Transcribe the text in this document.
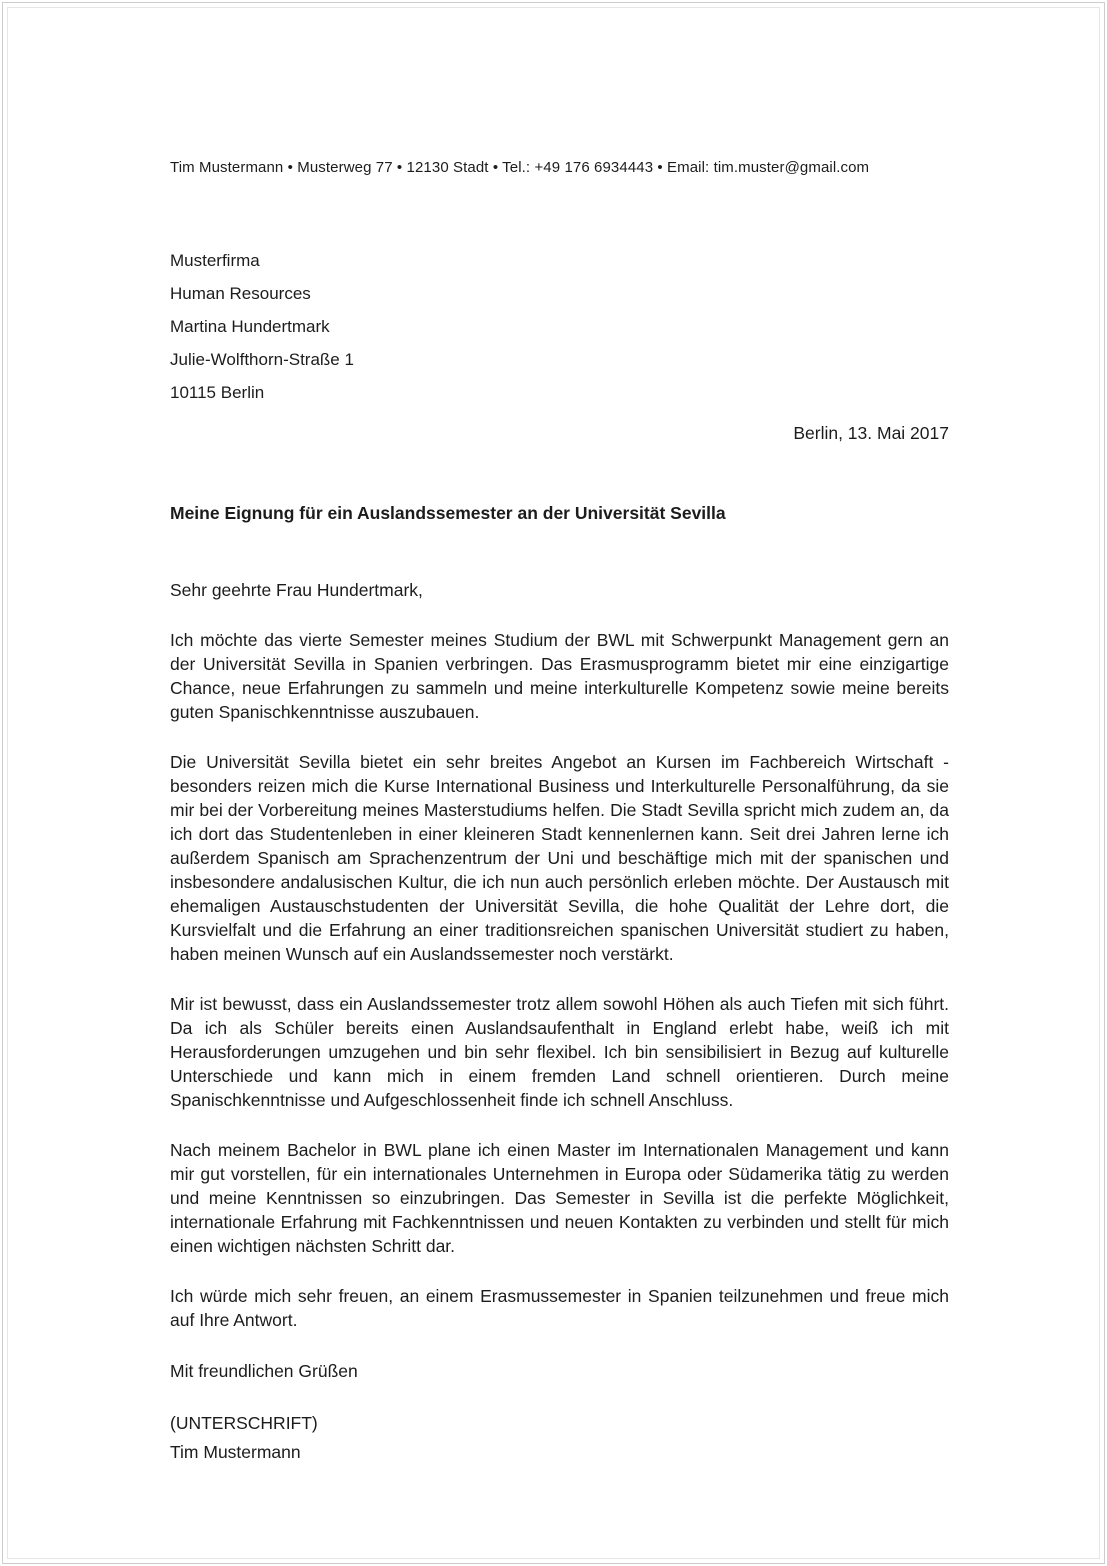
Tim Mustermann • Musterweg 77 • 12130 Stadt • Tel.: +49 176 6934443 • Email: tim.muster@gmail.com
Musterfirma
Human Resources
Martina Hundertmark
Julie-Wolfthorn-Straße 1
10115 Berlin
Berlin, 13. Mai 2017
Meine Eignung für ein Auslandssemester an der Universität Sevilla
Sehr geehrte Frau Hundertmark,

Ich möchte das vierte Semester meines Studium der BWL mit Schwerpunkt Management gern an der Universität Sevilla in Spanien verbringen. Das Erasmusprogramm bietet mir eine einzigartige Chance, neue Erfahrungen zu sammeln und meine interkulturelle Kompetenz sowie meine bereits guten Spanischkenntnisse auszubauen.

Die Universität Sevilla bietet ein sehr breites Angebot an Kursen im Fachbereich Wirtschaft - besonders reizen mich die Kurse International Business und Interkulturelle Personalführung, da sie mir bei der Vorbereitung meines Masterstudiums helfen. Die Stadt Sevilla spricht mich zudem an, da ich dort das Studentenleben in einer kleineren Stadt kennenlernen kann. Seit drei Jahren lerne ich außerdem Spanisch am Sprachenzentrum der Uni und beschäftige mich mit der spanischen und insbesondere andalusischen Kultur, die ich nun auch persönlich erleben möchte. Der Austausch mit ehemaligen Austauschstudenten der Universität Sevilla, die hohe Qualität der Lehre dort, die Kursvielfalt und die Erfahrung an einer traditionsreichen spanischen Universität studiert zu haben, haben meinen Wunsch auf ein Auslandssemester noch verstärkt.

Mir ist bewusst, dass ein Auslandssemester trotz allem sowohl Höhen als auch Tiefen mit sich führt. Da ich als Schüler bereits einen Auslandsaufenthalt in England erlebt habe, weiß ich mit Herausforderungen umzugehen und bin sehr flexibel. Ich bin sensibilisiert in Bezug auf kulturelle Unterschiede und kann mich in einem fremden Land schnell orientieren. Durch meine Spanischkenntnisse und Aufgeschlossenheit finde ich schnell Anschluss.

Nach meinem Bachelor in BWL plane ich einen Master im Internationalen Management und kann mir gut vorstellen, für ein internationales Unternehmen in Europa oder Südamerika tätig zu werden und meine Kenntnissen so einzubringen. Das Semester in Sevilla ist die perfekte Möglichkeit, internationale Erfahrung mit Fachkenntnissen und neuen Kontakten zu verbinden und stellt für mich einen wichtigen nächsten Schritt dar.

Ich würde mich sehr freuen, an einem Erasmussemester in Spanien teilzunehmen und freue mich auf Ihre Antwort.

Mit freundlichen Grüßen
(UNTERSCHRIFT)
Tim Mustermann
